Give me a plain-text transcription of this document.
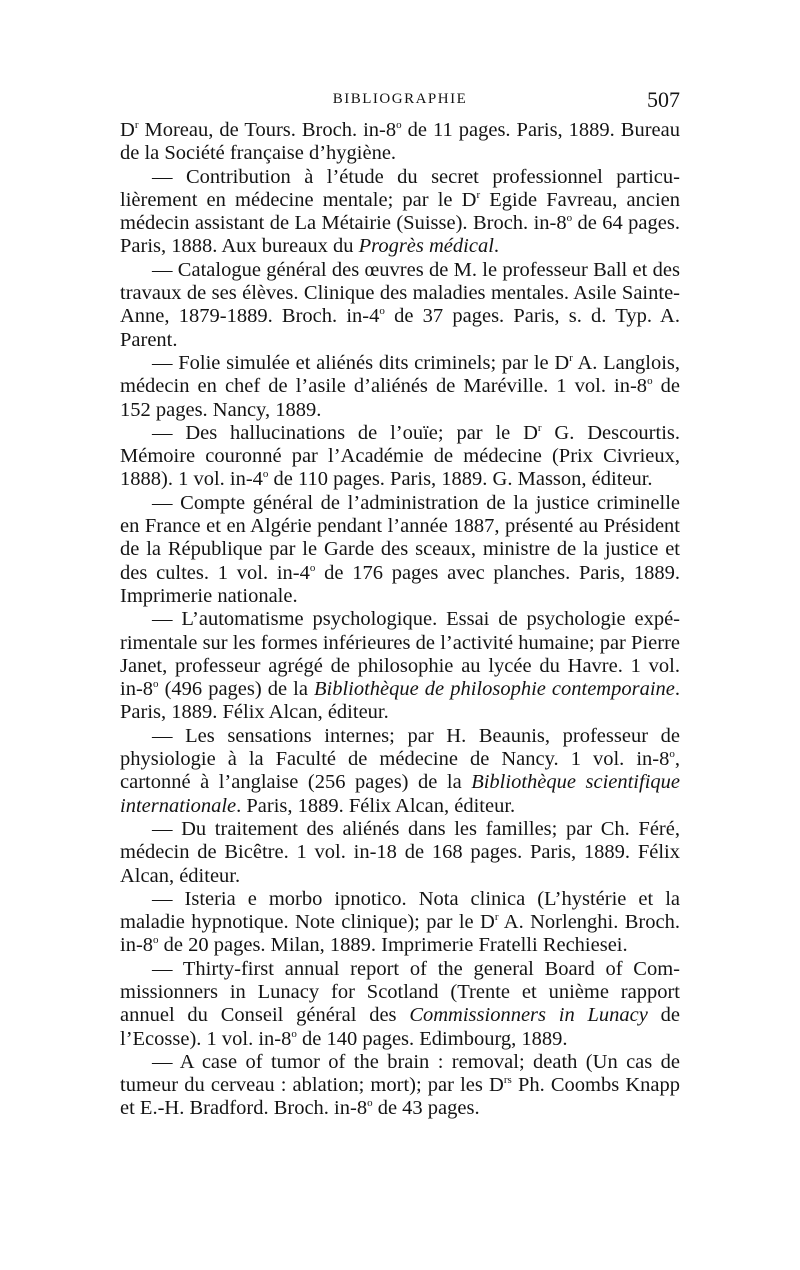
BIBLIOGRAPHIE	507

$D^r$ Moreau, de Tours. Broch. in-8$^o$ de 11 pages. Paris, 1889. Bureau de la Société française d’hygiène.

— Contribution à l’étude du secret professionnel particulièrement en médecine mentale; par le $D^r$ Egide Favreau, ancien médecin assistant de La Métairie (Suisse). Broch. in-8$^o$ de 64 pages. Paris, 1888. Aux bureaux du Progrès médical.

— Catalogue général des œuvres de M. le professeur Ball et des travaux de ses élèves. Clinique des maladies mentales. Asile Sainte-Anne, 1879-1889. Broch. in-4$^o$ de 37 pages. Paris, s. d. Typ. A. Parent.

— Folie simulée et aliénés dits criminels; par le $D^r$ A. Langlois, médecin en chef de l’asile d’aliénés de Maréville. 1 vol. in-8$^o$ de 152 pages. Nancy, 1889.

— Des hallucinations de l’ouïe; par le $D^r$ G. Descourtis. Mémoire couronné par l’Académie de médecine (Prix Civrieux, 1888). 1 vol. in-4$^o$ de 110 pages. Paris, 1889. G. Masson, éditeur.

— Compte général de l’administration de la justice criminelle en France et en Algérie pendant l’année 1887, présenté au Président de la République par le Garde des sceaux, ministre de la justice et des cultes. 1 vol. in-4$^o$ de 176 pages avec planches. Paris, 1889. Imprimerie nationale.

— L’automatisme psychologique. Essai de psychologie expérimentale sur les formes inférieures de l’activité humaine; par Pierre Janet, professeur agrégé de philosophie au lycée du Havre. 1 vol. in-8$^o$ (496 pages) de la Bibliothèque de philosophie contemporaine. Paris, 1889. Félix Alcan, éditeur.

— Les sensations internes; par H. Beaunis, professeur de physiologie à la Faculté de médecine de Nancy. 1 vol. in-8$^o$, cartonné à l’anglaise (256 pages) de la Bibliothèque scientifique internationale. Paris, 1889. Félix Alcan, éditeur.

— Du traitement des aliénés dans les familles; par Ch. Féré, médecin de Bicêtre. 1 vol. in-18 de 168 pages. Paris, 1889. Félix Alcan, éditeur.

— Isteria e morbo ipnotico. Nota clinica (L’hystérie et la maladie hypnotique. Note clinique); par le $D^r$ A. Norlenghi. Broch. in-8$^o$ de 20 pages. Milan, 1889. Imprimerie Fratelli Rechiesei.

— Thirty-first annual report of the general Board of Commissionners in Lunacy for Scotland (Trente et unième rapport annuel du Conseil général des Commissionners in Lunacy de l’Ecosse). 1 vol. in-8$^o$ de 140 pages. Edimbourg, 1889.

— A case of tumor of the brain : removal; death (Un cas de tumeur du cerveau : ablation; mort); par les $D^{rs}$ Ph. Coombs Knapp et E.-H. Bradford. Broch. in-8$^o$ de 43 pages.
